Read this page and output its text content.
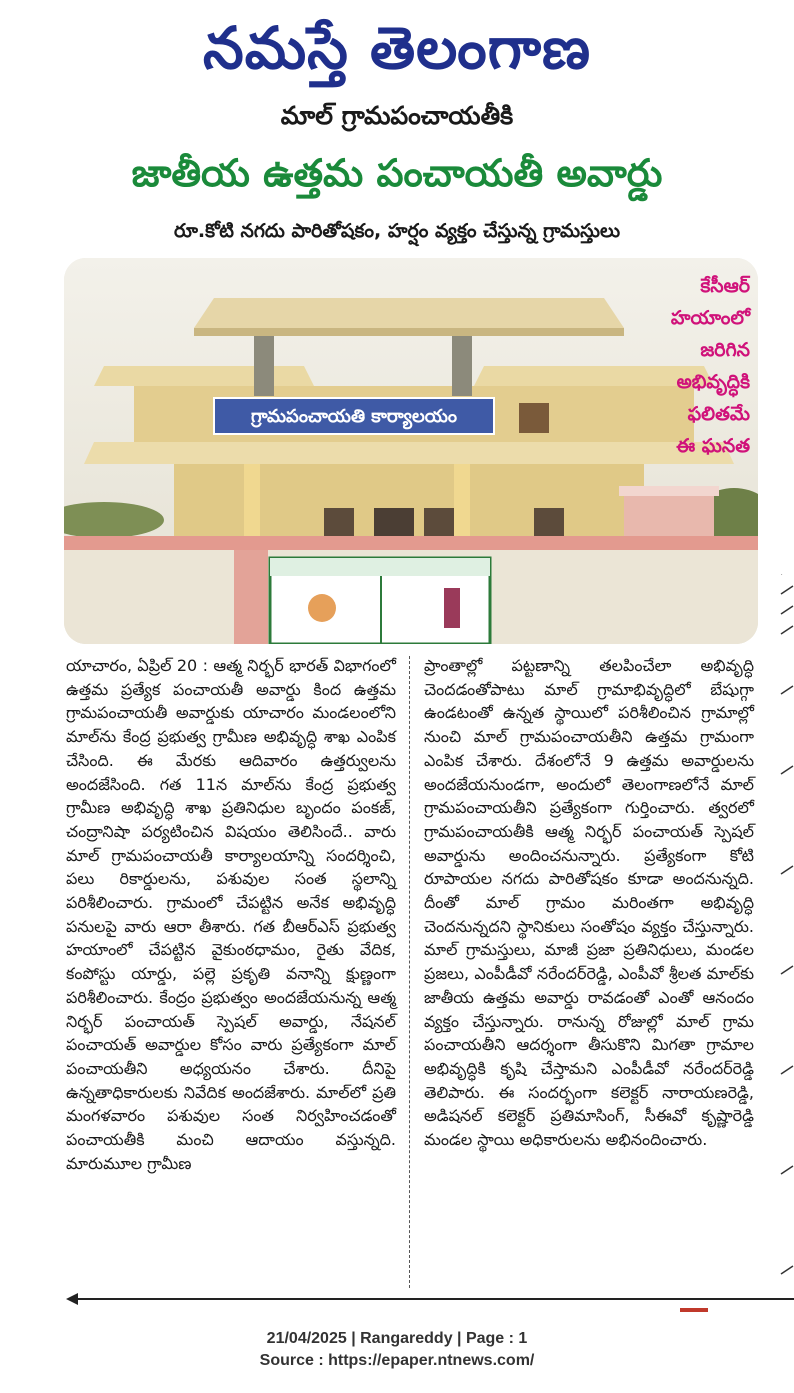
నమస్తే తెలంగాణ
మాల్ గ్రామపంచాయతీకి
జాతీయ ఉత్తమ పంచాయతీ అవార్డు
రూ.కోటి నగదు పారితోషకం, హర్షం వ్యక్తం చేస్తున్న గ్రామస్తులు
గ్రామపంచాయతి కార్యాలయం
కేసీఆర్
హయాంలో
జరిగిన
అభివృద్ధికి
ఫలితమే
ఈ ఘనత
యాచారం, ఏప్రిల్ 20 : ఆత్మ నిర్భర్ భారత్ విభాగంలో ఉత్తమ ప్రత్యేక పంచాయతీ అవార్డు కింద ఉత్తమ గ్రామపంచాయతీ అవార్డుకు యాచారం మండలంలోని మాల్‌ను కేంద్ర ప్రభుత్వ గ్రామీణ అభివృద్ధి శాఖ ఎంపిక చేసింది. ఈ మేరకు ఆదివారం ఉత్తర్వులను అందజేసింది. గత 11న మాల్‌ను కేంద్ర ప్రభుత్వ గ్రామీణ అభివృద్ధి శాఖ ప్రతినిధుల బృందం పంకజ్, చంద్రానిషా పర్యటించిన విషయం తెలిసిందే.. వారు మాల్ గ్రామపంచాయతీ కార్యాలయాన్ని సందర్శించి, పలు రికార్డులను, పశువుల సంత స్థలాన్ని పరిశీలించారు. గ్రామంలో చేపట్టిన అనేక అభివృద్ధి పనులపై వారు ఆరా తీశారు. గత బీఆర్‌ఎస్ ప్రభుత్వ హయాంలో చేపట్టిన వైకుంఠధామం, రైతు వేదిక, కంపోస్టు యార్డు, పల్లె ప్రకృతి వనాన్ని క్షుణ్ణంగా పరిశీలించారు. కేంద్రం ప్రభుత్వం అందజేయనున్న ఆత్మ నిర్భర్ పంచాయత్ స్పెషల్ అవార్డు, నేషనల్ పంచాయత్ అవార్డుల కోసం వారు ప్రత్యేకంగా మాల్ పంచాయతీని అధ్యయనం చేశారు. దీనిపై ఉన్నతాధికారులకు నివేదిక అందజేశారు. మాల్‌లో ప్రతి మంగళవారం పశువుల సంత నిర్వహించడంతో పంచాయతీకి మంచి ఆదాయం వస్తున్నది. మారుమూల గ్రామీణ
ప్రాంతాల్లో పట్టణాన్ని తలపించేలా అభివృద్ధి చెందడంతోపాటు మాల్ గ్రామాభివృద్ధిలో బేషుగ్గా ఉండటంతో ఉన్నత స్థాయిలో పరిశీలించిన గ్రామాల్లో నుంచి మాల్ గ్రామపంచాయతీని ఉత్తమ గ్రామంగా ఎంపిక చేశారు. దేశంలోనే 9 ఉత్తమ అవార్డులను అందజేయనుండగా, అందులో తెలంగాణలోనే మాల్ గ్రామపంచాయతీని ప్రత్యేకంగా గుర్తించారు. త్వరలో గ్రామపంచాయతీకి ఆత్మ నిర్భర్ పంచాయత్ స్పెషల్ అవార్డును అందించనున్నారు. ప్రత్యేకంగా కోటి రూపాయల నగదు పారితోషకం కూడా అందనున్నది. దీంతో మాల్ గ్రామం మరింతగా అభివృద్ధి చెందనున్నదని స్థానికులు సంతోషం వ్యక్తం చేస్తున్నారు. మాల్ గ్రామస్తులు, మాజీ ప్రజా ప్రతినిధులు, మండల ప్రజలు, ఎంపీడీవో నరేందర్‌రెడ్డి, ఎంపీవో శ్రీలత మాల్‌కు జాతీయ ఉత్తమ అవార్డు రావడంతో ఎంతో ఆనందం వ్యక్తం చేస్తున్నారు. రానున్న రోజుల్లో మాల్ గ్రామ పంచాయతీని ఆదర్శంగా తీసుకొని మిగతా గ్రామాల అభివృద్ధికి కృషి చేస్తామని ఎంపీడీవో నరేందర్‌రెడ్డి తెలిపారు. ఈ సందర్భంగా కలెక్టర్ నారాయణరెడ్డి, అడిషనల్ కలెక్టర్ ప్రతిమాసింగ్, సీఈవో కృష్ణారెడ్డి మండల స్థాయి అధికారులను అభినందించారు.
21/04/2025 | Rangareddy | Page : 1
Source : https://epaper.ntnews.com/
